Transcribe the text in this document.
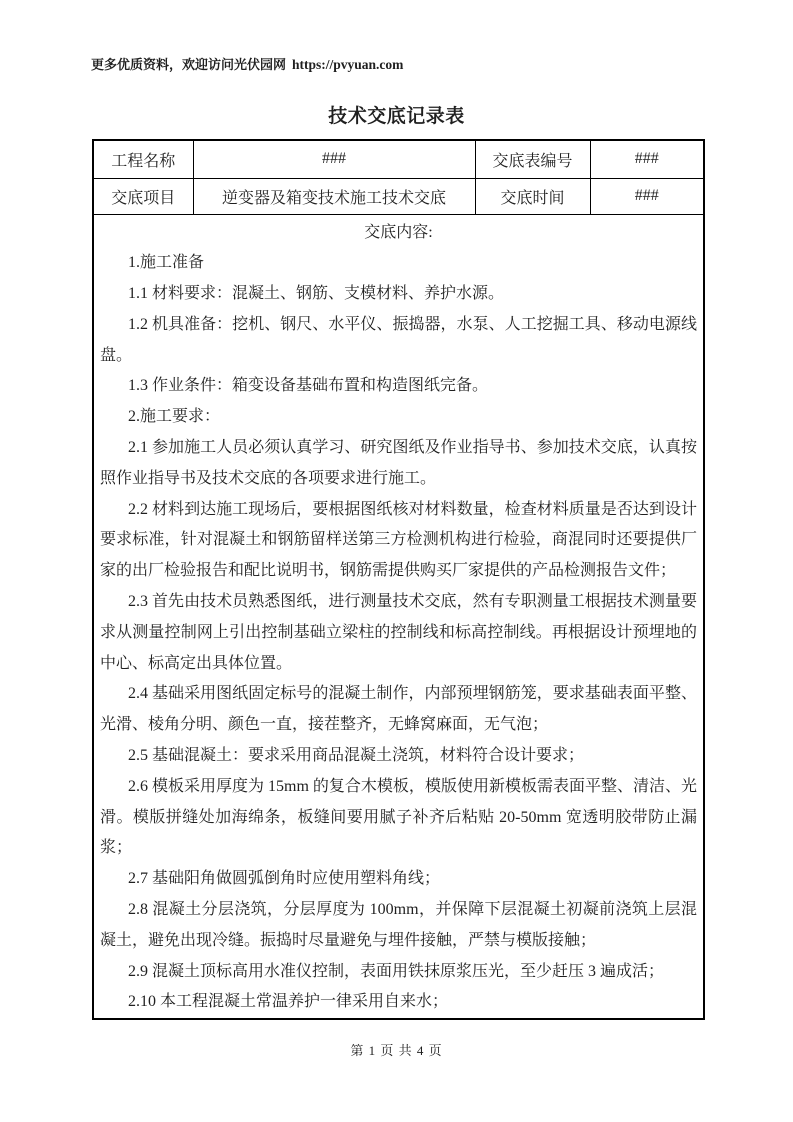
更多优质资料，欢迎访问光伏园网 https://pvyuan.com
技术交底记录表
工程名称	###	交底表编号	###
交底项目	逆变器及箱变技术施工技术交底	交底时间	###

交底内容:

1.施工准备

1.1 材料要求：混凝土、钢筋、支模材料、养护水源。

1.2 机具准备：挖机、钢尺、水平仪、振捣器，水泵、人工挖掘工具、移动电源线盘。

1.3 作业条件：箱变设备基础布置和构造图纸完备。

2.施工要求：

2.1 参加施工人员必须认真学习、研究图纸及作业指导书、参加技术交底，认真按照作业指导书及技术交底的各项要求进行施工。

2.2 材料到达施工现场后，要根据图纸核对材料数量，检查材料质量是否达到设计要求标准，针对混凝土和钢筋留样送第三方检测机构进行检验，商混同时还要提供厂家的出厂检验报告和配比说明书，钢筋需提供购买厂家提供的产品检测报告文件；

2.3 首先由技术员熟悉图纸，进行测量技术交底，然有专职测量工根据技术测量要求从测量控制网上引出控制基础立梁柱的控制线和标高控制线。再根据设计预埋地的中心、标高定出具体位置。

2.4 基础采用图纸固定标号的混凝土制作，内部预埋钢筋笼，要求基础表面平整、光滑、棱角分明、颜色一直，接茬整齐，无蜂窝麻面，无气泡；

2.5 基础混凝土：要求采用商品混凝土浇筑，材料符合设计要求；

2.6 模板采用厚度为 15mm 的复合木模板，模版使用新模板需表面平整、清洁、光滑。模版拼缝处加海绵条，板缝间要用腻子补齐后粘贴 20-50mm 宽透明胶带防止漏浆；

2.7 基础阳角做圆弧倒角时应使用塑料角线；

2.8 混凝土分层浇筑，分层厚度为 100mm，并保障下层混凝土初凝前浇筑上层混凝土，避免出现冷缝。振捣时尽量避免与埋件接触，严禁与模版接触；

2.9 混凝土顶标高用水准仪控制，表面用铁抹原浆压光，至少赶压 3 遍成活；

2.10 本工程混凝土常温养护一律采用自来水；

第 1 页 共 4 页
